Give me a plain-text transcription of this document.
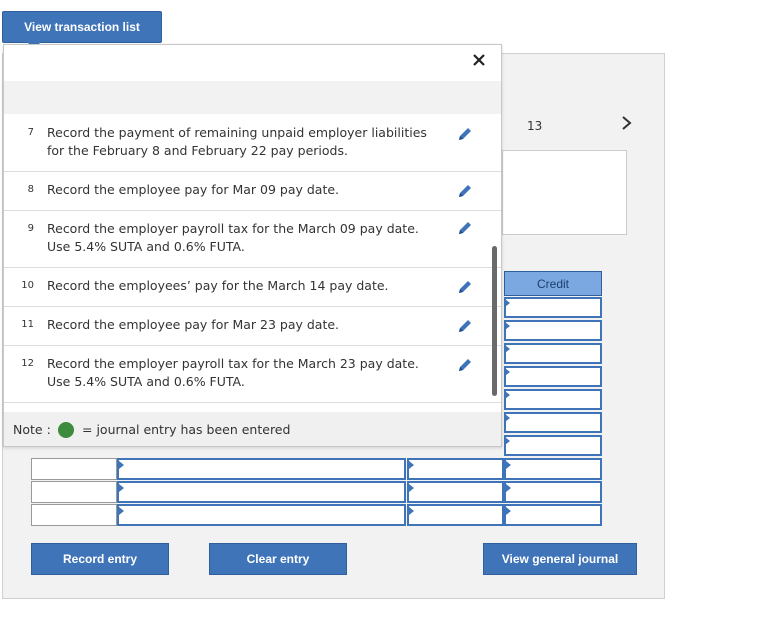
View transaction list
13
Credit
Record entry	Clear entry	View general journal
7 Record the payment of remaining unpaid employer liabilities for the February 8 and February 22 pay periods.
8 Record the employee pay for Mar 09 pay date.
9 Record the employer payroll tax for the March 09 pay date. Use 5.4% SUTA and 0.6% FUTA.
10 Record the employees’ pay for the March 14 pay date.
11 Record the employee pay for Mar 23 pay date.
12 Record the employer payroll tax for the March 23 pay date. Use 5.4% SUTA and 0.6% FUTA.
Note : = journal entry has been entered
